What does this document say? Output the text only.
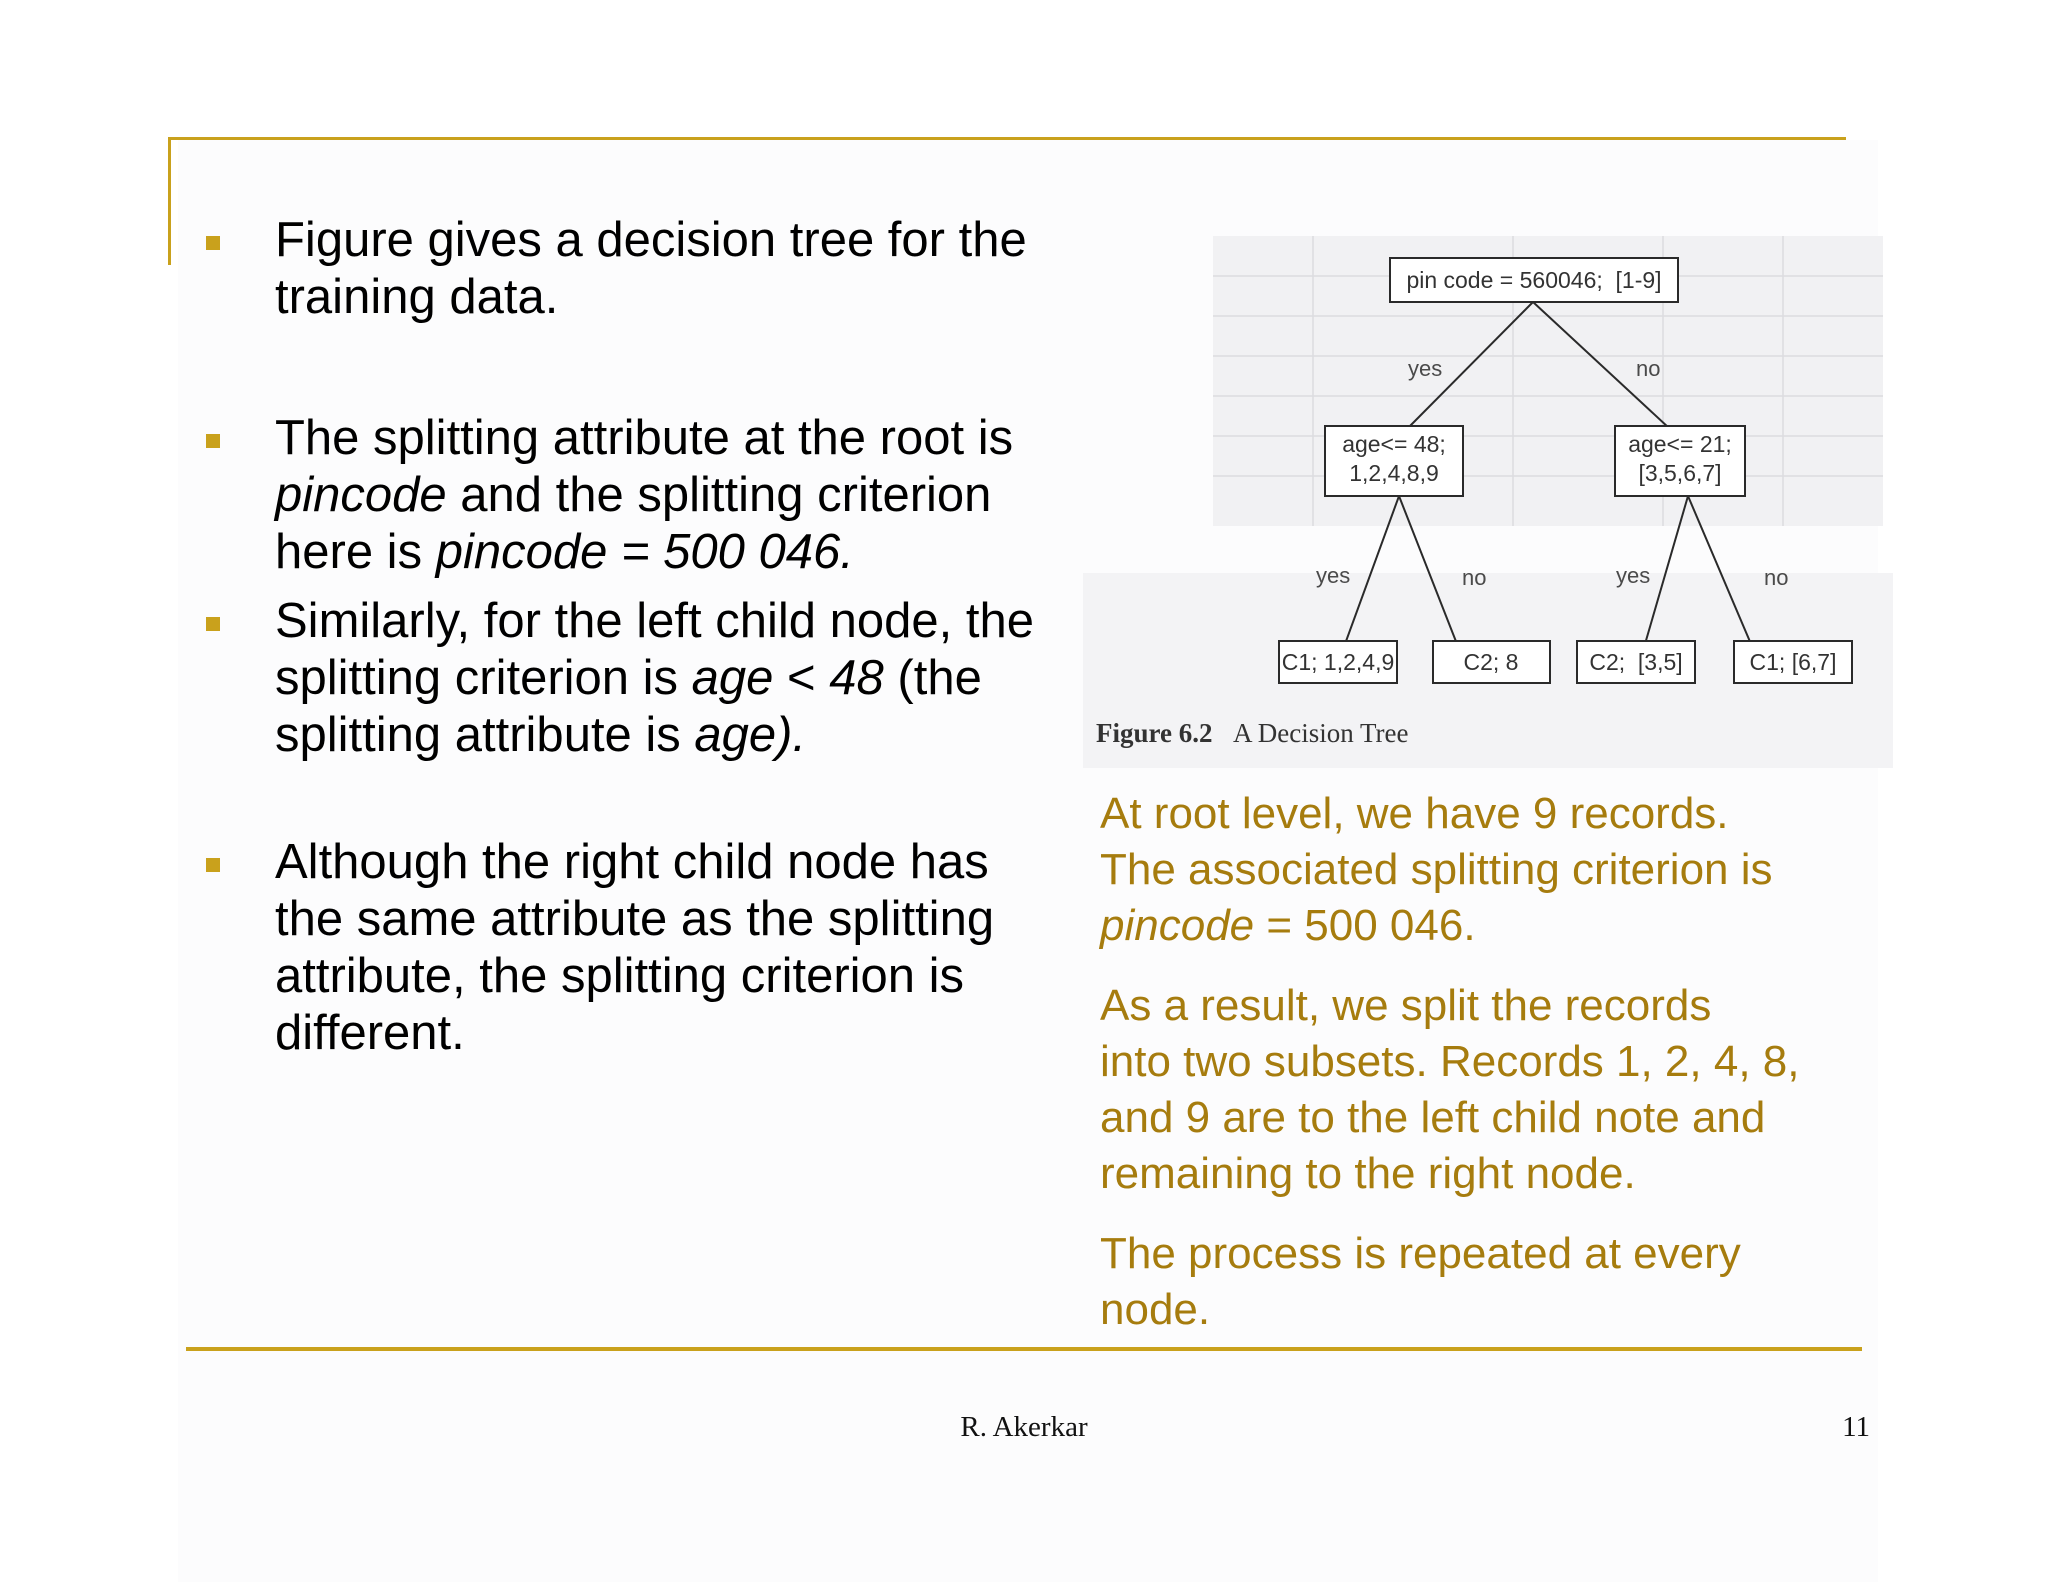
Figure gives a decision tree for the
training data.
The splitting attribute at the root is
pincode and the splitting criterion
here is pincode = 500 046.
Similarly, for the left child node, the
splitting criterion is age < 48 (the
splitting attribute is age).
Although the right child node has
the same attribute as the splitting
attribute, the splitting criterion is
different.
yes	no
yes	no	yes	no
pin code = 560046;  [1-9]
age<= 48;
1,2,4,8,9
age<= 21;
[3,5,6,7]
C1; 1,2,4,9	C2; 8	C2;  [3,5]	C1; [6,7]
Figure 6.2 A Decision Tree

At root level, we have 9 records.
The associated splitting criterion is
pincode = 500 046.

As a result, we split the records
into two subsets. Records 1, 2, 4, 8,
and 9 are to the left child note and
remaining to the right node.

The process is repeated at every
node.

R. Akerkar	11
